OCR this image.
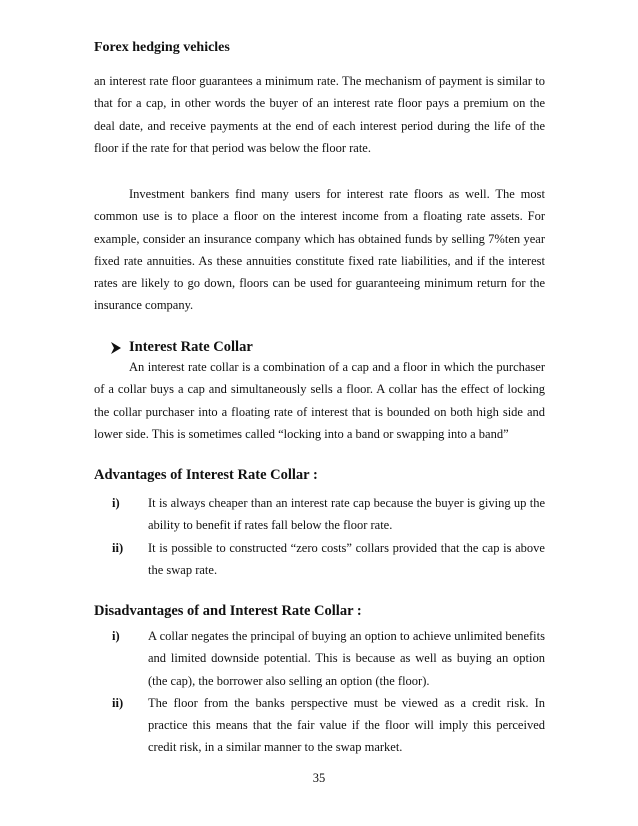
Forex hedging vehicles
an interest rate floor guarantees a minimum rate. The mechanism of payment is similar to that for a cap, in other words the buyer of an interest rate floor pays a premium on the deal date, and receive payments at the end of each interest period during the life of the floor if the rate for that period was below the floor rate.
Investment bankers find many users for interest rate floors as well. The most common use is to place a floor on the interest income from a floating rate assets. For example, consider an insurance company which has obtained funds by selling 7%ten year fixed rate annuities. As these annuities constitute fixed rate liabilities, and if the interest rates are likely to go down, floors can be used for guaranteeing minimum return for the insurance company.
Interest Rate Collar
An interest rate collar is a combination of a cap and a floor in which the purchaser of a collar buys a cap and simultaneously sells a floor. A collar has the effect of locking the collar purchaser into a floating rate of interest that is bounded on both high side and lower side. This is sometimes called “locking into a band or swapping into a band”
Advantages of Interest Rate Collar :
i) It is always cheaper than an interest rate cap because the buyer is giving up the ability to benefit if rates fall below the floor rate.
ii) It is possible to constructed “zero costs” collars provided that the cap is above the swap rate.
Disadvantages of and Interest Rate Collar :
i) A collar negates the principal of buying an option to achieve unlimited benefits and limited downside potential. This is because as well as buying an option (the cap), the borrower also selling an option (the floor).
ii) The floor from the banks perspective must be viewed as a credit risk. In practice this means that the fair value if the floor will imply this perceived credit risk, in a similar manner to the swap market.
35
